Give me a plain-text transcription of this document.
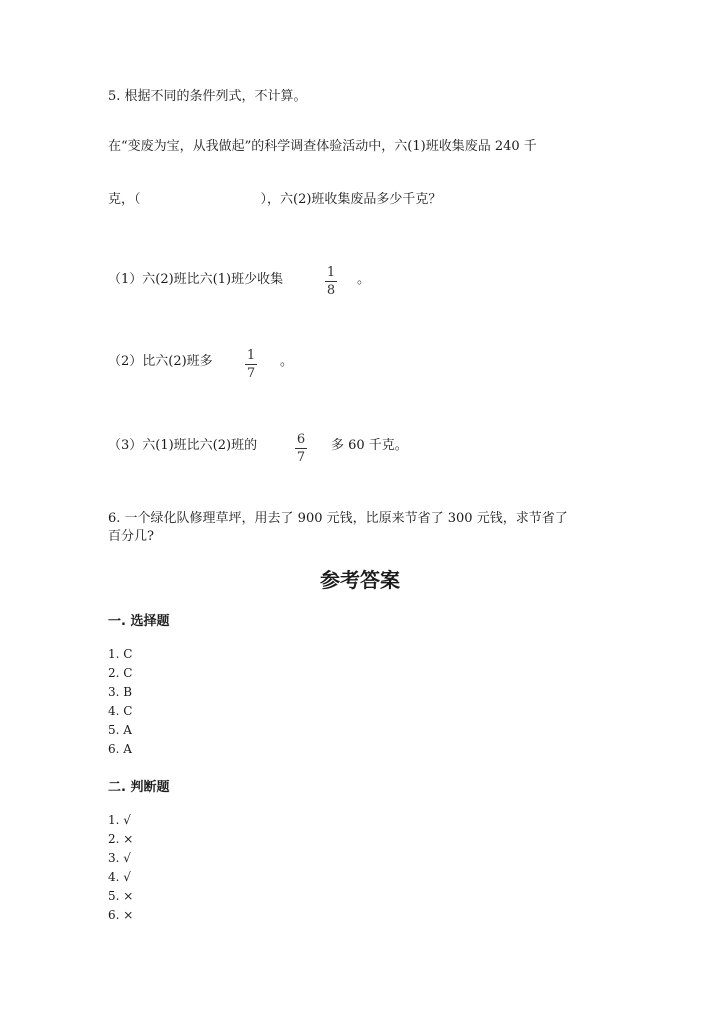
5. 根据不同的条件列式，不计算。
在“变废为宝，从我做起”的科学调查体验活动中，六(1)班收集废品 240 千
克，（	），六(2)班收集废品多少千克？
（1）六(2)班比六(1)班少收集	1
8
。
（2）比六(2)班多	1
7
。
（3）六(1)班比六(2)班的	6
7
多 60 千克。
6. 一个绿化队修理草坪，用去了 900 元钱，比原来节省了 300 元钱，求节省了
百分几?
参考答案
一. 选择题
1. C
2. C
3. B
4. C
5. A
6. A
二. 判断题
1. √
2. ×
3. √
4. √
5. ×
6. ×
